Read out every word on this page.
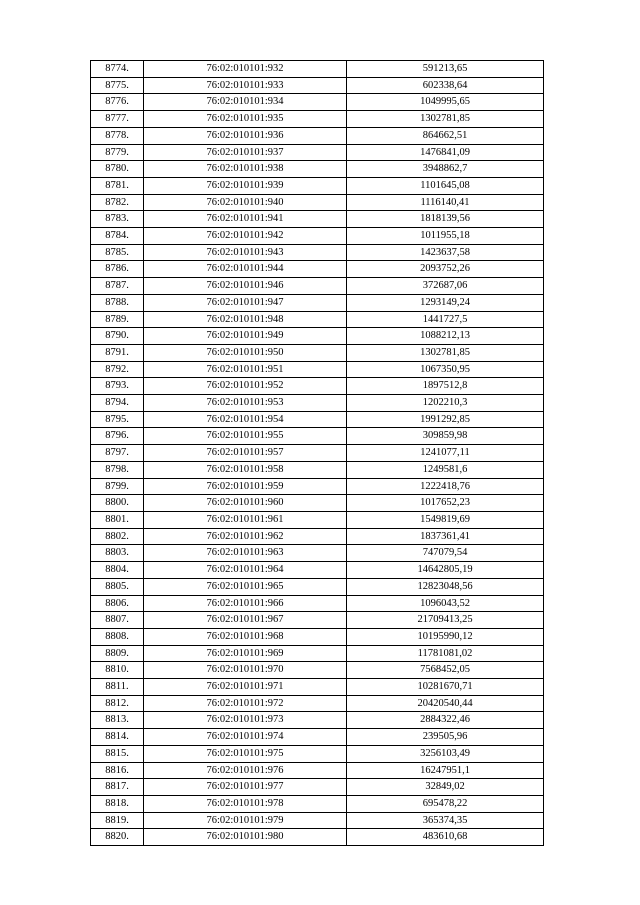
8774.	76:02:010101:932	591213,65
8775.	76:02:010101:933	602338,64
8776.	76:02:010101:934	1049995,65
8777.	76:02:010101:935	1302781,85
8778.	76:02:010101:936	864662,51
8779.	76:02:010101:937	1476841,09
8780.	76:02:010101:938	3948862,7
8781.	76:02:010101:939	1101645,08
8782.	76:02:010101:940	1116140,41
8783.	76:02:010101:941	1818139,56
8784.	76:02:010101:942	1011955,18
8785.	76:02:010101:943	1423637,58
8786.	76:02:010101:944	2093752,26
8787.	76:02:010101:946	372687,06
8788.	76:02:010101:947	1293149,24
8789.	76:02:010101:948	1441727,5
8790.	76:02:010101:949	1088212,13
8791.	76:02:010101:950	1302781,85
8792.	76:02:010101:951	1067350,95
8793.	76:02:010101:952	1897512,8
8794.	76:02:010101:953	1202210,3
8795.	76:02:010101:954	1991292,85
8796.	76:02:010101:955	309859,98
8797.	76:02:010101:957	1241077,11
8798.	76:02:010101:958	1249581,6
8799.	76:02:010101:959	1222418,76
8800.	76:02:010101:960	1017652,23
8801.	76:02:010101:961	1549819,69
8802.	76:02:010101:962	1837361,41
8803.	76:02:010101:963	747079,54
8804.	76:02:010101:964	14642805,19
8805.	76:02:010101:965	12823048,56
8806.	76:02:010101:966	1096043,52
8807.	76:02:010101:967	21709413,25
8808.	76:02:010101:968	10195990,12
8809.	76:02:010101:969	11781081,02
8810.	76:02:010101:970	7568452,05
8811.	76:02:010101:971	10281670,71
8812.	76:02:010101:972	20420540,44
8813.	76:02:010101:973	2884322,46
8814.	76:02:010101:974	239505,96
8815.	76:02:010101:975	3256103,49
8816.	76:02:010101:976	16247951,1
8817.	76:02:010101:977	32849,02
8818.	76:02:010101:978	695478,22
8819.	76:02:010101:979	365374,35
8820.	76:02:010101:980	483610,68
